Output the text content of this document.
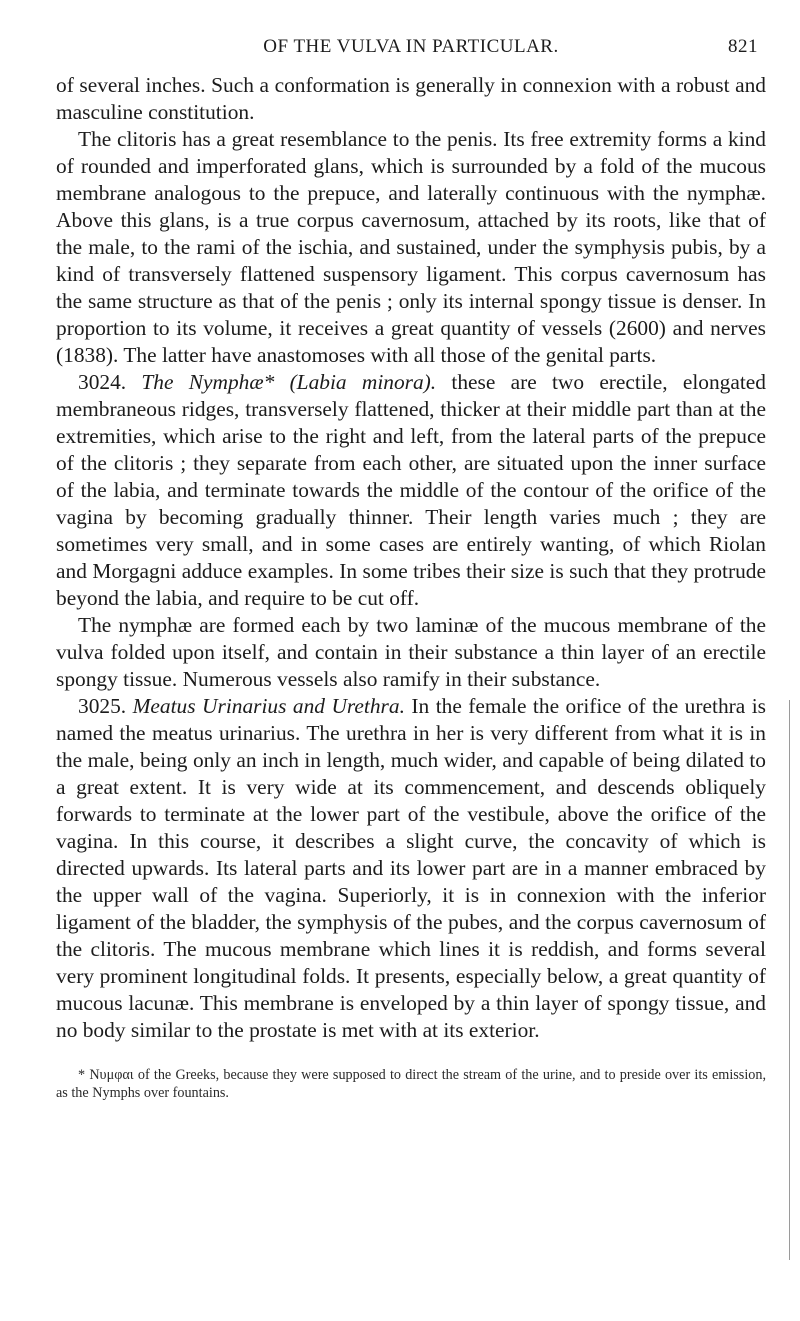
OF THE VULVA IN PARTICULAR.	821

of several inches. Such a conformation is generally in connexion with a robust and masculine constitution.

The clitoris has a great resemblance to the penis. Its free extremity forms a kind of rounded and imperforated glans, which is surrounded by a fold of the mucous membrane analogous to the prepuce, and laterally continuous with the nymphæ. Above this glans, is a true corpus cavernosum, attached by its roots, like that of the male, to the rami of the ischia, and sustained, under the symphysis pubis, by a kind of transversely flattened suspensory ligament. This corpus cavernosum has the same structure as that of the penis ; only its internal spongy tissue is denser. In proportion to its volume, it receives a great quantity of vessels (2600) and nerves (1838). The latter have anastomoses with all those of the genital parts.

3024. The Nymphæ* (Labia minora). these are two erectile, elongated membraneous ridges, transversely flattened, thicker at their middle part than at the extremities, which arise to the right and left, from the lateral parts of the prepuce of the clitoris ; they separate from each other, are situated upon the inner surface of the labia, and terminate towards the middle of the contour of the orifice of the vagina by becoming gradually thinner. Their length varies much ; they are sometimes very small, and in some cases are entirely wanting, of which Riolan and Morgagni adduce examples. In some tribes their size is such that they protrude beyond the labia, and require to be cut off.

The nymphæ are formed each by two laminæ of the mucous membrane of the vulva folded upon itself, and contain in their substance a thin layer of an erectile spongy tissue. Numerous vessels also ramify in their substance.

3025. Meatus Urinarius and Urethra. In the female the orifice of the urethra is named the meatus urinarius. The urethra in her is very different from what it is in the male, being only an inch in length, much wider, and capable of being dilated to a great extent. It is very wide at its commencement, and descends obliquely forwards to terminate at the lower part of the vestibule, above the orifice of the vagina. In this course, it describes a slight curve, the concavity of which is directed upwards. Its lateral parts and its lower part are in a manner embraced by the upper wall of the vagina. Superiorly, it is in connexion with the inferior ligament of the bladder, the symphysis of the pubes, and the corpus cavernosum of the clitoris. The mucous membrane which lines it is reddish, and forms several very prominent longitudinal folds. It presents, especially below, a great quantity of mucous lacunæ. This membrane is enveloped by a thin layer of spongy tissue, and no body similar to the prostate is met with at its exterior.

* Νυμφαι of the Greeks, because they were supposed to direct the stream of the urine, and to preside over its emission, as the Nymphs over fountains.
